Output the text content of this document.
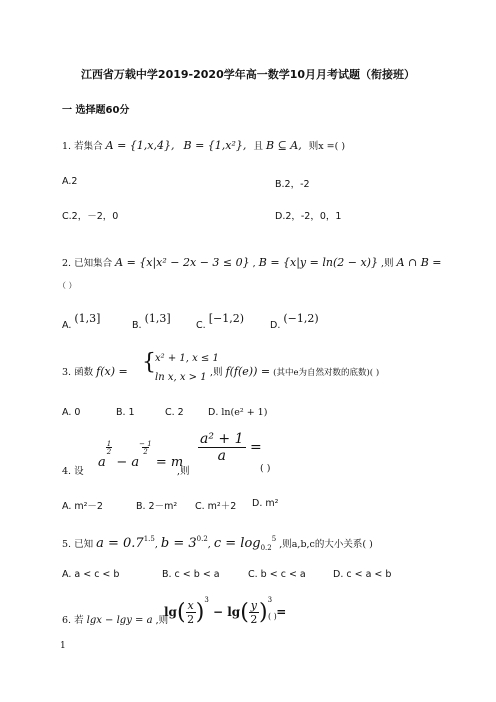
江西省万载中学2019-2020学年高一数学10月月考试题（衔接班）
一 选择题60分
1. 若集合 A = {1,x,4}, B = {1,x²}, 且 B ⊆ A, 则x =( )
A.2	B.2，-2
C.2，－2，0	D.2，-2，0，1
2. 已知集合 A = {x|x² − 2x − 3 ≤ 0} , B = {x|y = ln(2 − x)} ,则 A ∩ B =
（ ）
A. (1,3]
B. (1,3]
C. [−1,2)
D. (−1,2)
3. 函数 f(x) = { x² + 1, x ≤ 1
ln x, x > 1 ,则 f(f(e)) = (其中e为自然对数的底数)( )
A. 0	B. 1	C. 2	D. ln(e² + 1)
4. 设
a1
2 − a− 1
2 = m
,则
$\frac{\text{a² + 1}}{a}$ =
( )
A. m²－2	B. 2－m² C. m²＋2 D. m²
5. 已知 $a = 0.7^{1.5}$, $b = 3^{0.2}$, $c = \log_{0.2}^5$ ,则a,b,c的大小关系( )
A. a < c < b	B. c < b < a	C. b < c < a	D. c < a < b
6. 若 lgx − lgy = a ,则
$\lg( \frac{x}{2} )^3 - \lg( \frac{y}{2} )^3$ =
( )
1
